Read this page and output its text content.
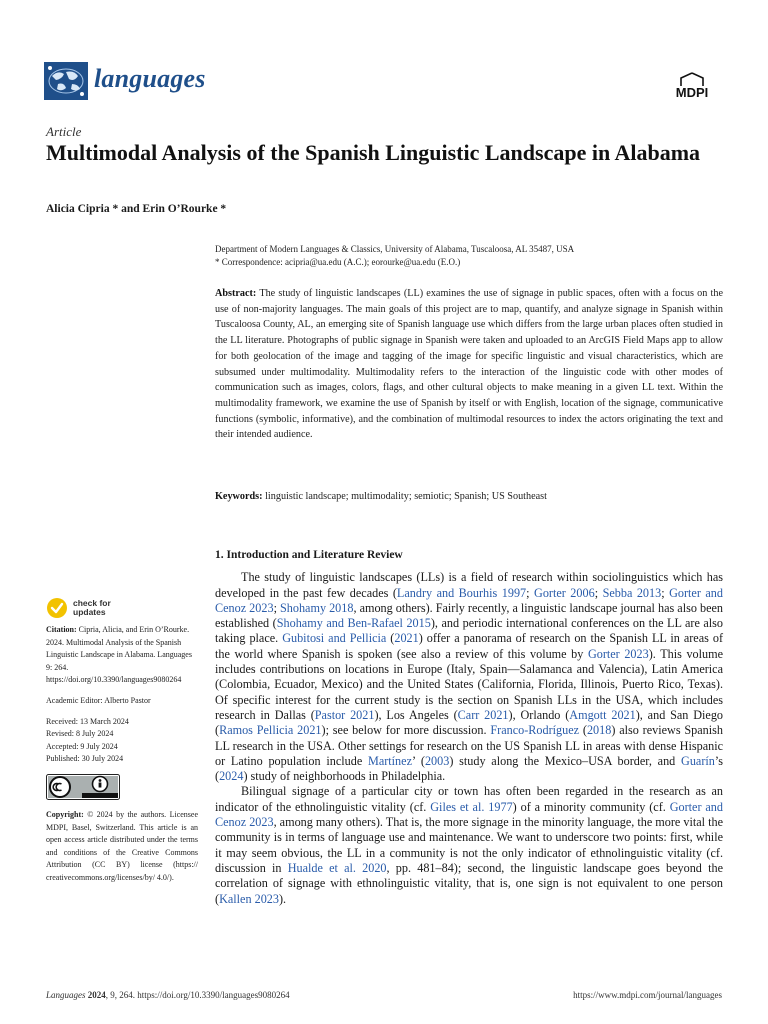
languages	MDPI
Article
Multimodal Analysis of the Spanish Linguistic Landscape in Alabama
Alicia Cipria * and Erin O’Rourke *
Department of Modern Languages & Classics, University of Alabama, Tuscaloosa, AL 35487, USA
* Correspondence: acipria@ua.edu (A.C.); eorourke@ua.edu (E.O.)
Abstract: The study of linguistic landscapes (LL) examines the use of signage in public spaces, often with a focus on the use of non-majority languages. The main goals of this project are to map, quantify, and analyze signage in Spanish within Tuscaloosa County, AL, an emerging site of Spanish language use which differs from the large urban places often studied in the LL literature. Photographs of public signage in Spanish were taken and uploaded to an ArcGIS Field Maps app to allow for both geolocation of the image and tagging of the image for specific linguistic and visual characteristics, which are subsumed under multimodality. Multimodality refers to the interaction of the linguistic code with other modes of communication such as images, colors, flags, and other cultural objects to make meaning in a given LL text. Within the multimodality framework, we examine the use of Spanish by itself or with English, location of the signage, communicative functions (symbolic, informative), and the combination of multimodal resources to index the actors originating the text and their intended audience.
Keywords: linguistic landscape; multimodality; semiotic; Spanish; US Southeast
check for
updates

Citation: Cipria, Alicia, and Erin O’Rourke. 2024. Multimodal Analysis of the Spanish Linguistic Landscape in Alabama. Languages 9: 264. https://doi.org/10.3390/languages9080264

Academic Editor: Alberto Pastor

Received: 13 March 2024

Revised: 8 July 2024

Accepted: 9 July 2024

Published: 30 July 2024

Copyright: © 2024 by the authors. Licensee MDPI, Basel, Switzerland. This article is an open access article distributed under the terms and conditions of the Creative Commons Attribution (CC BY) license (https:// creativecommons.org/licenses/by/ 4.0/).

1. Introduction and Literature Review

The study of linguistic landscapes (LLs) is a field of research within sociolinguistics which has developed in the past few decades (Landry and Bourhis 1997; Gorter 2006; Sebba 2013; Gorter and Cenoz 2023; Shohamy 2018, among others). Fairly recently, a linguistic landscape journal has also been established (Shohamy and Ben-Rafael 2015), and periodic international conferences on the LL are also taking place. Gubitosi and Pellicia (2021) offer a panorama of research on the Spanish LL in areas of the world where Spanish is spoken (see also a review of this volume by Gorter 2023). This volume includes contributions on locations in Europe (Italy, Spain—Salamanca and Valencia), Latin America (Colombia, Ecuador, Mexico) and the United States (California, Florida, Illinois, Puerto Rico, Texas). Of specific interest for the current study is the section on Spanish LLs in the USA, which includes research in Dallas (Pastor 2021), Los Angeles (Carr 2021), Orlando (Amgott 2021), and San Diego (Ramos Pellicia 2021); see below for more discussion. Franco-Rodríguez (2018) also reviews Spanish LL research in the USA. Other settings for research on the US Spanish LL in areas with dense Hispanic or Latino population include Martínez’ (2003) study along the Mexico–USA border, and Guarín’s (2024) study of neighborhoods in Philadelphia.

Bilingual signage of a particular city or town has often been regarded in the research as an indicator of the ethnolinguistic vitality (cf. Giles et al. 1977) of a minority community (cf. Gorter and Cenoz 2023, among many others). That is, the more signage in the minority language, the more vital the community is in terms of language use and maintenance. We want to underscore two points: first, while it may seem obvious, the LL in a community is not the only indicator of ethnolinguistic vitality (cf. discussion in Hualde et al. 2020, pp. 481–84); second, the linguistic landscape goes beyond the correlation of signage with ethnolinguistic vitality, that is, one sign is not equivalent to one person (Kallen 2023).

Languages 2024, 9, 264. https://doi.org/10.3390/languages9080264	https://www.mdpi.com/journal/languages
